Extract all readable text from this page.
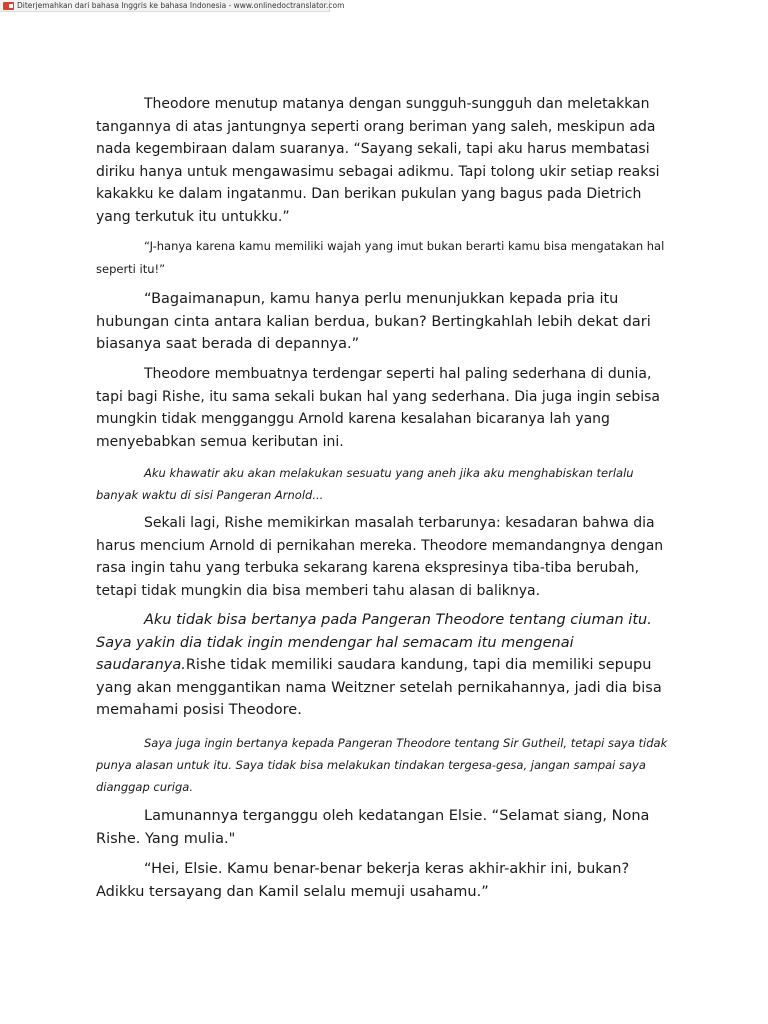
Diterjemahkan dari bahasa Inggris ke bahasa Indonesia - www.onlinedoctranslator.com

Theodore menutup matanya dengan sungguh-sungguh dan meletakkan tangannya di atas jantungnya seperti orang beriman yang saleh, meskipun ada nada kegembiraan dalam suaranya. “Sayang sekali, tapi aku harus membatasi diriku hanya untuk mengawasimu sebagai adikmu. Tapi tolong ukir setiap reaksi kakakku ke dalam ingatanmu. Dan berikan pukulan yang bagus pada Dietrich yang terkutuk itu untukku.”

“J-hanya karena kamu memiliki wajah yang imut bukan berarti kamu bisa mengatakan hal seperti itu!”

“Bagaimanapun, kamu hanya perlu menunjukkan kepada pria itu hubungan cinta antara kalian berdua, bukan? Bertingkahlah lebih dekat dari biasanya saat berada di depannya.”

Theodore membuatnya terdengar seperti hal paling sederhana di dunia, tapi bagi Rishe, itu sama sekali bukan hal yang sederhana. Dia juga ingin sebisa mungkin tidak mengganggu Arnold karena kesalahan bicaranya lah yang menyebabkan semua keributan ini.

Aku khawatir aku akan melakukan sesuatu yang aneh jika aku menghabiskan terlalu banyak waktu di sisi Pangeran Arnold...

Sekali lagi, Rishe memikirkan masalah terbarunya: kesadaran bahwa dia harus mencium Arnold di pernikahan mereka. Theodore memandangnya dengan rasa ingin tahu yang terbuka sekarang karena ekspresinya tiba-tiba berubah, tetapi tidak mungkin dia bisa memberi tahu alasan di baliknya.

Aku tidak bisa bertanya pada Pangeran Theodore tentang ciuman itu. Saya yakin dia tidak ingin mendengar hal semacam itu mengenai saudaranya.Rishe tidak memiliki saudara kandung, tapi dia memiliki sepupu yang akan menggantikan nama Weitzner setelah pernikahannya, jadi dia bisa memahami posisi Theodore.

Saya juga ingin bertanya kepada Pangeran Theodore tentang Sir Gutheil, tetapi saya tidak punya alasan untuk itu. Saya tidak bisa melakukan tindakan tergesa-gesa, jangan sampai saya dianggap curiga.

Lamunannya terganggu oleh kedatangan Elsie. “Selamat siang, Nona Rishe. Yang mulia."

“Hei, Elsie. Kamu benar-benar bekerja keras akhir-akhir ini, bukan? Adikku tersayang dan Kamil selalu memuji usahamu.”
